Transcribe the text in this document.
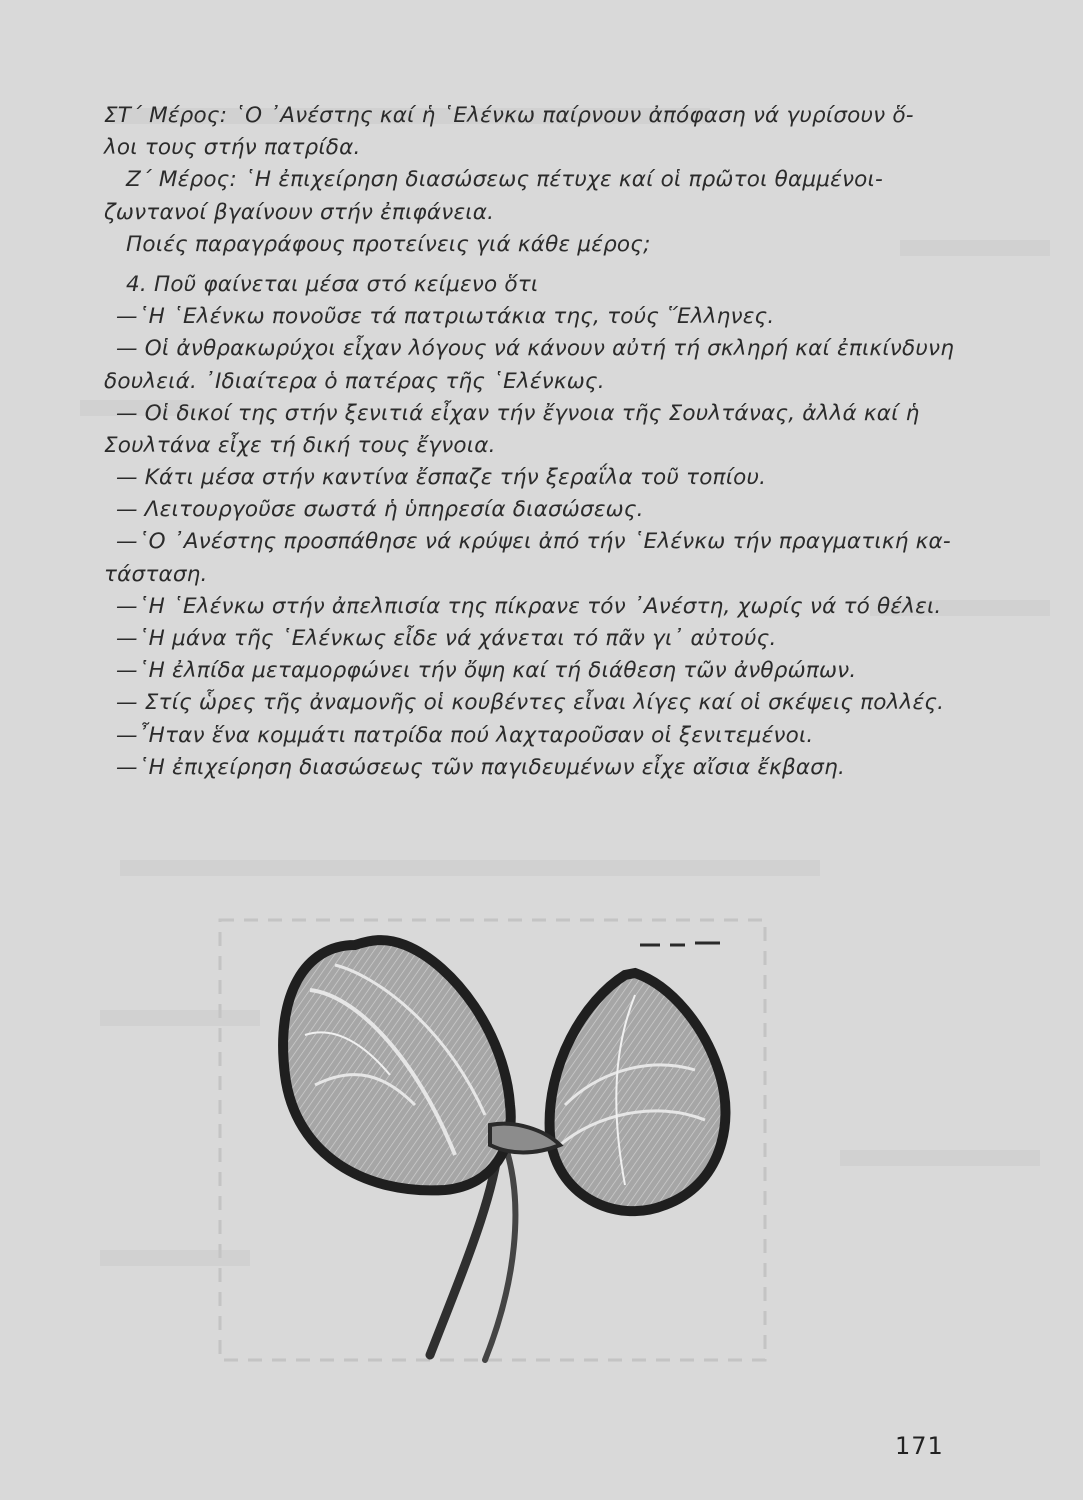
ΣΤ΄ Μέρος: ῾Ο ᾿Ανέστης καί ἡ ῾Ελένκω παίρνουν ἀπόφαση νά γυρίσουν ὅ-
λοι τους στήν πατρίδα.
Ζ΄ Μέρος: ῾Η ἐπιχείρηση διασώσεως πέτυχε καί οἱ πρῶτοι θαμμένοι-
ζωντανοί βγαίνουν στήν ἐπιφάνεια.
Ποιές παραγράφους προτείνεις γιά κάθε μέρος;
4. Ποῦ φαίνεται μέσα στό κείμενο ὅτι
—῾Η ῾Ελένκω πονοῦσε τά πατριωτάκια της, τούς ῞Ελληνες.
— Οἱ ἀνθρακωρύχοι εἶχαν λόγους νά κάνουν αὐτή τή σκληρή καί ἐπικίνδυνη
δουλειά. ᾿Ιδιαίτερα ὁ πατέρας τῆς ῾Ελένκως.
— Οἱ δικοί της στήν ξενιτιά εἶχαν τήν ἔγνοια τῆς Σουλτάνας, ἀλλά καί ἡ
Σουλτάνα εἶχε τή δική τους ἔγνοια.
— Κάτι μέσα στήν καντίνα ἔσπαζε τήν ξεραΐλα τοῦ τοπίου.
— Λειτουργοῦσε σωστά ἡ ὑπηρεσία διασώσεως.
—῾Ο ᾿Ανέστης προσπάθησε νά κρύψει ἀπό τήν ῾Ελένκω τήν πραγματική κα-
τάσταση.
—῾Η ῾Ελένκω στήν ἀπελπισία της πίκρανε τόν ᾿Ανέστη, χωρίς νά τό θέλει.
—῾Η μάνα τῆς ῾Ελένκως εἶδε νά χάνεται τό πᾶν γι᾿ αὐτούς.
—῾Η ἐλπίδα μεταμορφώνει τήν ὄψη καί τή διάθεση τῶν ἀνθρώπων.
— Στίς ὧρες τῆς ἀναμονῆς οἱ κουβέντες εἶναι λίγες καί οἱ σκέψεις πολλές.
—῏Ηταν ἕνα κομμάτι πατρίδα πού λαχταροῦσαν οἱ ξενιτεμένοι.
—῾Η ἐπιχείρηση διασώσεως τῶν παγιδευμένων εἶχε αἴσια ἔκβαση.
171
